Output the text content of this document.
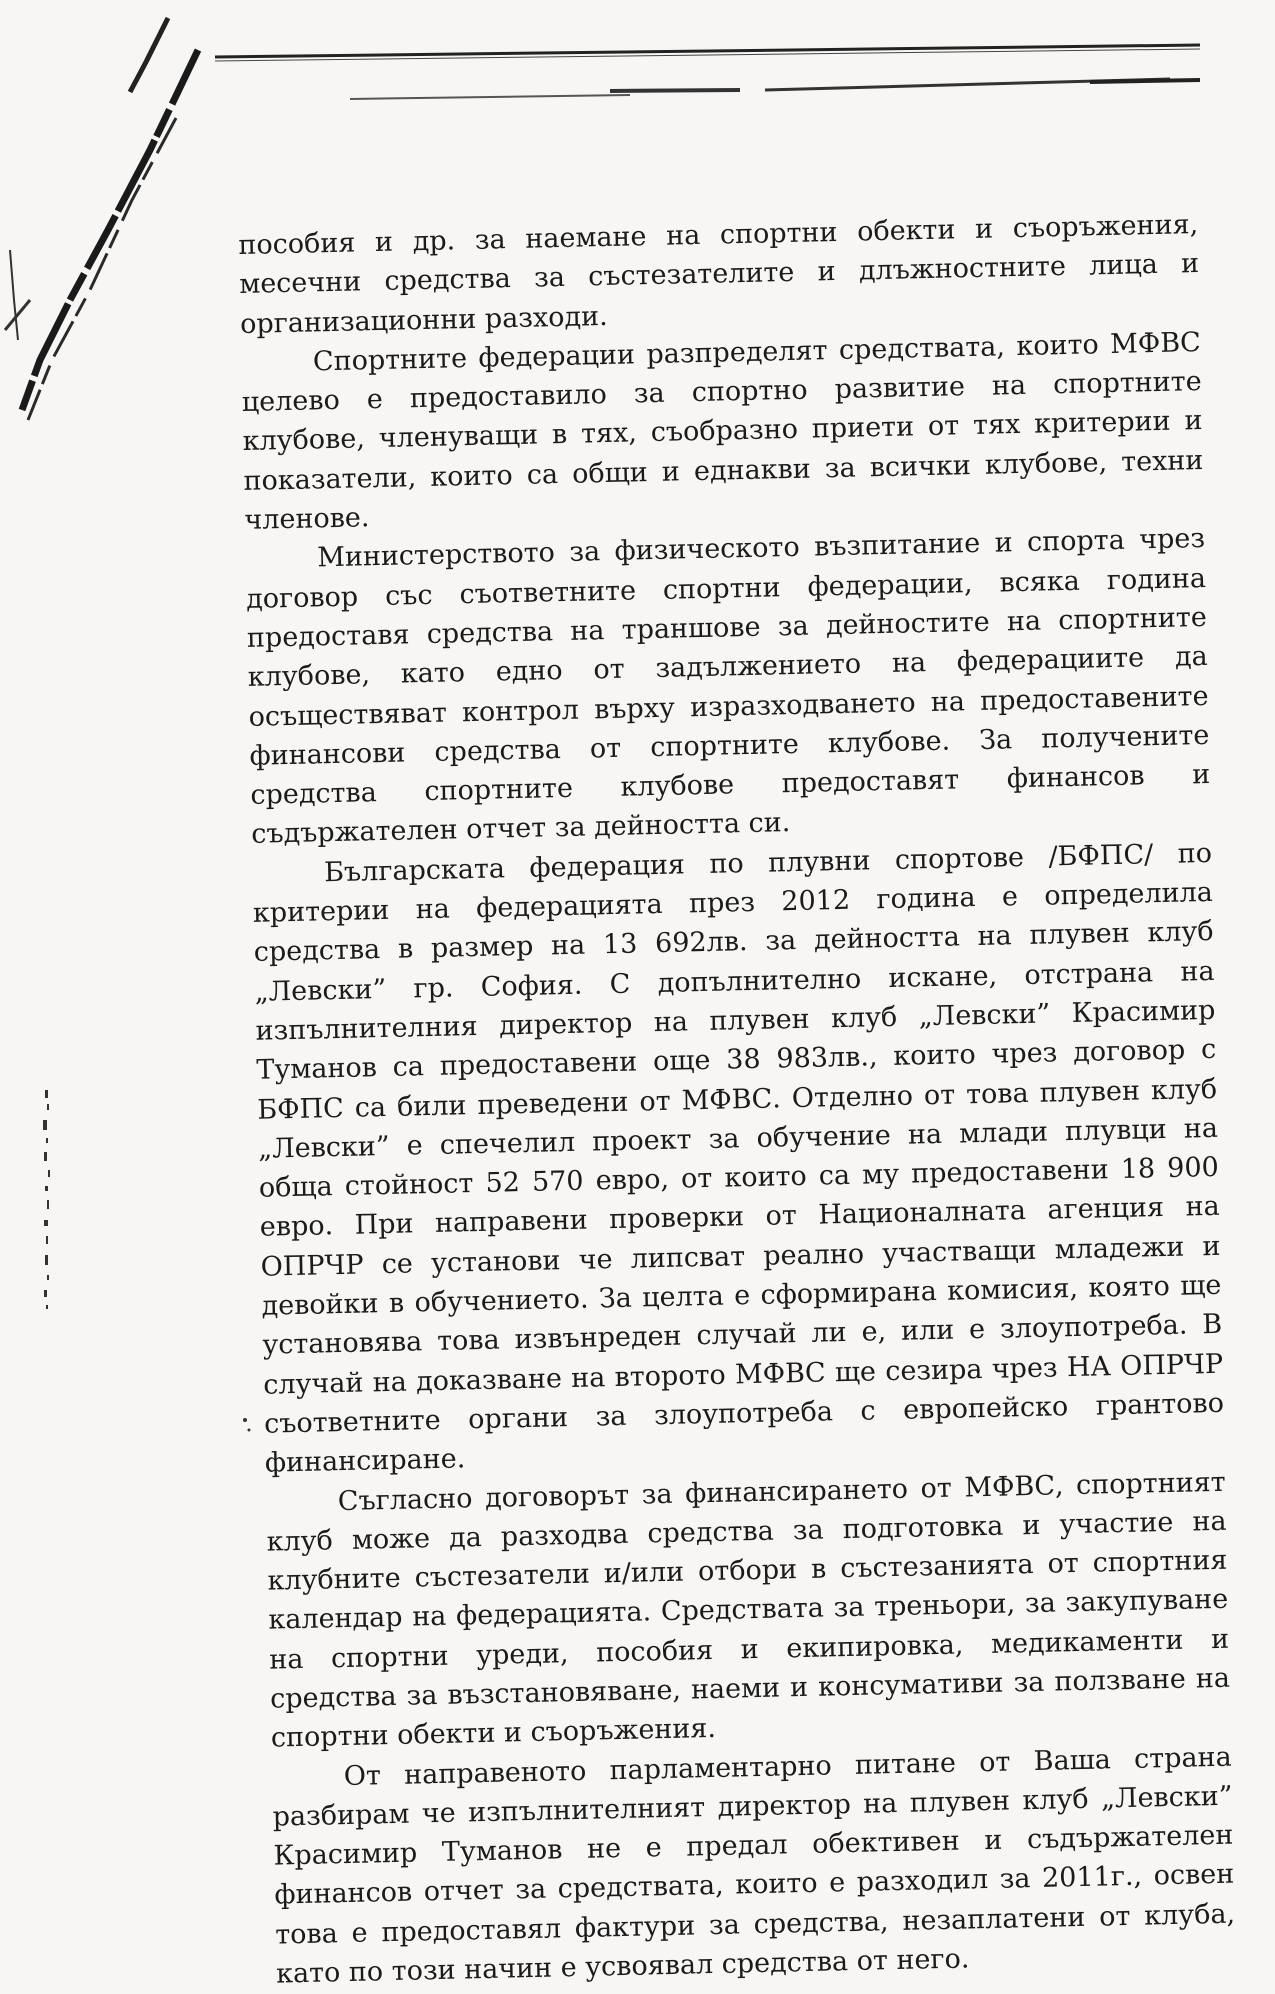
пособия и др. за наемане на спортни обекти и съоръжения, месечни средства за състезателите и длъжностните лица и организационни разходи.

Спортните федерации разпределят средствата, които МФВС целево е предоставило за спортно развитие на спортните клубове, членуващи в тях, съобразно приети от тях критерии и показатели, които са общи и еднакви за всички клубове, техни членове.

Министерството за физическото възпитание и спорта чрез договор със съответните спортни федерации, всяка година предоставя средства на траншове за дейностите на спортните клубове, като едно от задължението на федерациите да осъществяват контрол върху изразходването на предоставените финансови средства от спортните клубове. За получените средства спортните клубове предоставят финансов и съдържателен отчет за дейността си.

Българската федерация по плувни спортове /БФПС/ по критерии на федерацията през 2012 година е определила средства в размер на 13 692лв. за дейността на плувен клуб „Левски” гр. София. С допълнително искане, отстрана на изпълнителния директор на плувен клуб „Левски” Красимир Туманов са предоставени още 38 983лв., които чрез договор с БФПС са били преведени от МФВС. Отделно от това плувен клуб „Левски” е спечелил проект за обучение на млади плувци на обща стойност 52 570 евро, от които са му предоставени 18 900 евро. При направени проверки от Националната агенция на ОПРЧР се установи че липсват реално участващи младежи и девойки в обучението. За целта е сформирана комисия, която ще установява това извънреден случай ли е, или е злоупотреба. В случай на доказване на второто МФВС ще сезира чрез НА ОПРЧР съответните органи за злоупотреба с европейско грантово финансиране.

Съгласно договорът за финансирането от МФВС, спортният клуб може да разходва средства за подготовка и участие на клубните състезатели и/или отбори в състезанията от спортния календар на федерацията. Средствата за треньори, за закупуване на спортни уреди, пособия и екипировка, медикаменти и средства за възстановяване, наеми и консумативи за ползване на спортни обекти и съоръжения.

От направеното парламентарно питане от Ваша страна разбирам че изпълнителният директор на плувен клуб „Левски” Красимир Туманов не е предал обективен и съдържателен финансов отчет за средствата, които е разходил за 2011г., освен това е предоставял фактури за средства, незаплатени от клуба, като по този начин е усвоявал средства от него.
